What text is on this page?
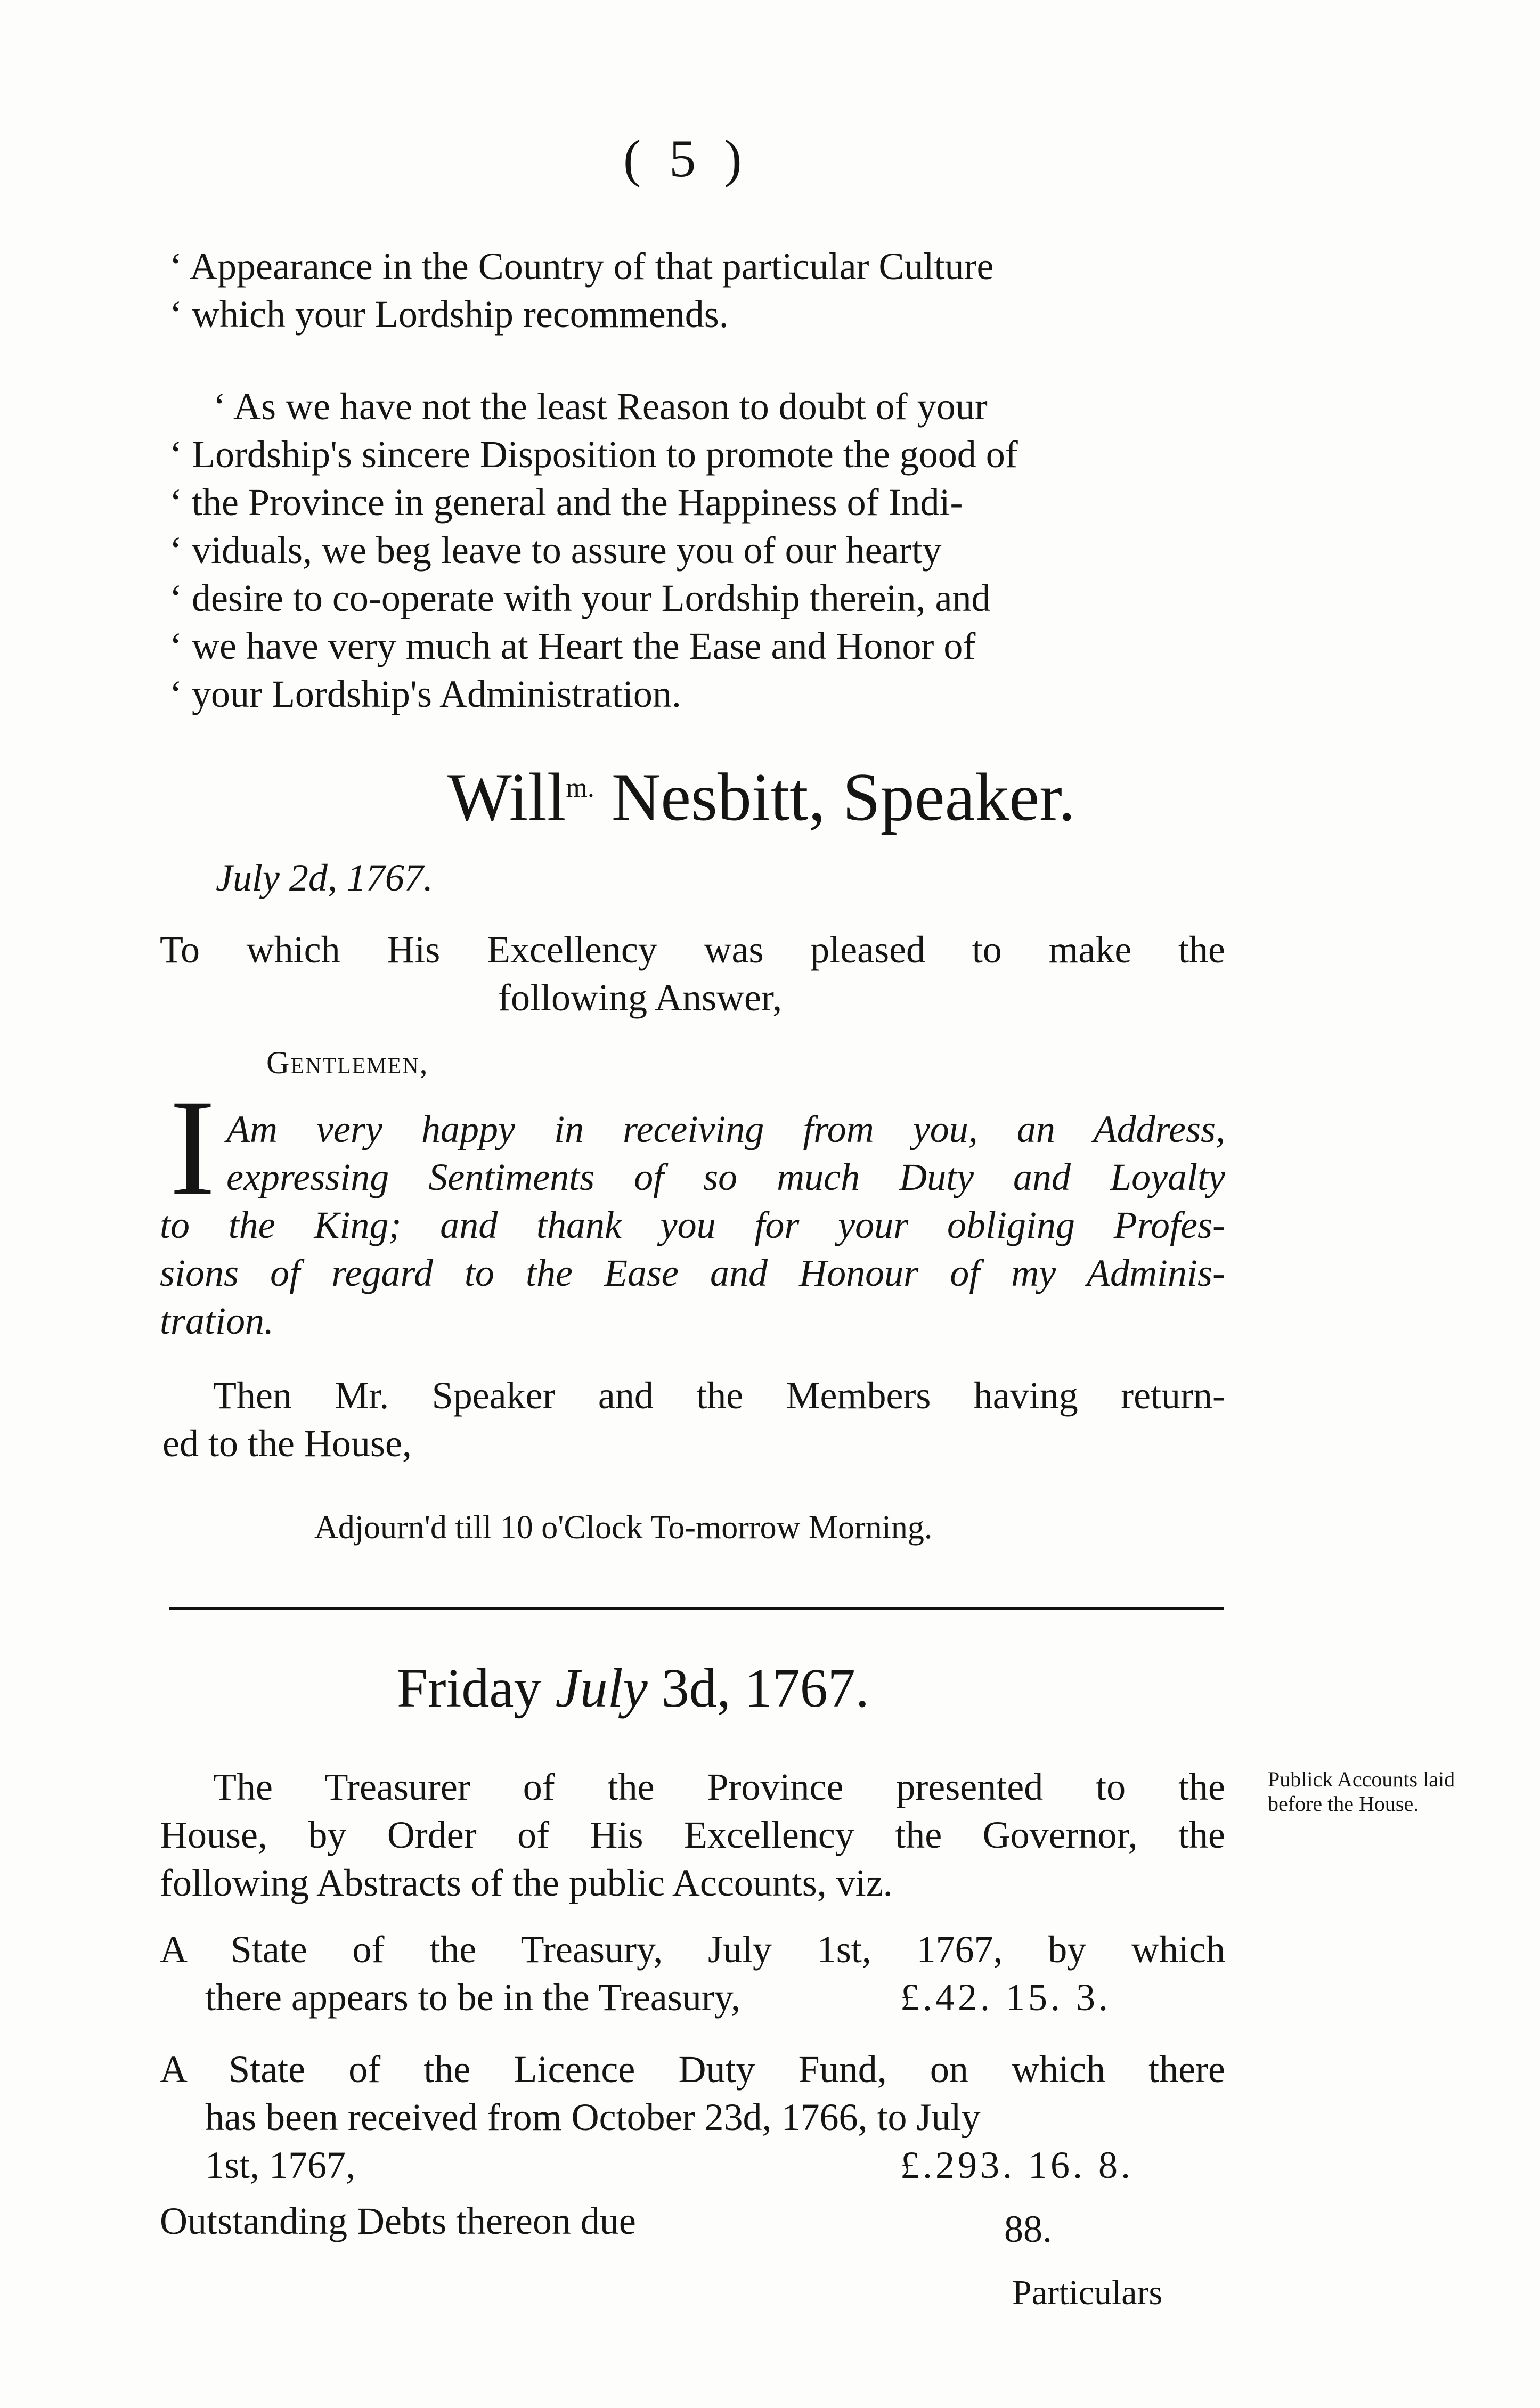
( 5 )
‘ Appearance in the Country of that particular Culture
‘ which your Lordship recommends.
‘ As we have not the least Reason to doubt of your
‘ Lordship's sincere Disposition to promote the good of
‘ the Province in general and the Happiness of Indi-
‘ viduals, we beg leave to assure you of our hearty
‘ desire to co-operate with your Lordship therein, and
‘ we have very much at Heart the Ease and Honor of
‘ your Lordship's Administration.
Will$^{m.}$ Nesbitt, Speaker.
July 2d, 1767.
To which His Excellency was pleased to make the
following Answer,
Gentlemen,
I Am very happy in receiving from you, an Address,
expressing Sentiments of so much Duty and Loyalty
to the King; and thank you for your obliging Profes-
sions of regard to the Ease and Honour of my Adminis-
tration.
Then Mr. Speaker and the Members having return-
ed to the House,
Adjourn'd till 10 o'Clock To-morrow Morning.
Friday July 3d, 1767.
Publick Accounts laid before the House.
The Treasurer of the Province presented to the
House, by Order of His Excellency the Governor, the
following Abstracts of the public Accounts, viz.
A State of the Treasury, July 1st, 1767, by which
there appears to be in the Treasury,	£.42. 15. 3.
A State of the Licence Duty Fund, on which there
has been received from October 23d, 1766, to July
1st, 1767,	£.293. 16. 8.
Outstanding Debts thereon due	88.
Particulars
